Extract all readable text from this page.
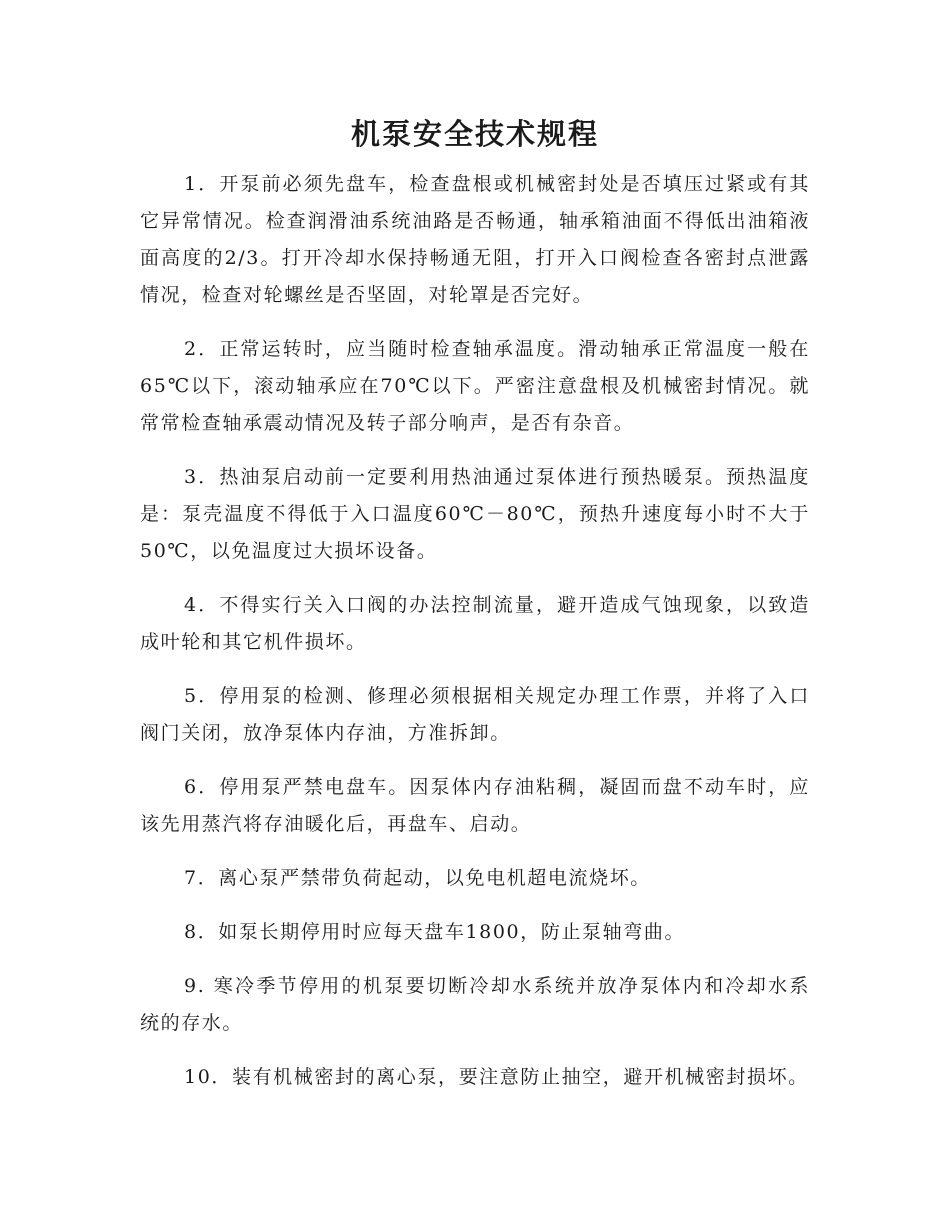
机泵安全技术规程

1．开泵前必须先盘车，检查盘根或机械密封处是否填压过紧或有其它异常情况。检查润滑油系统油路是否畅通，轴承箱油面不得低出油箱液面高度的2/3。打开冷却水保持畅通无阻，打开入口阀检查各密封点泄露情况，检查对轮螺丝是否坚固，对轮罩是否完好。

2．正常运转时，应当随时检查轴承温度。滑动轴承正常温度一般在65℃以下，滚动轴承应在70℃以下。严密注意盘根及机械密封情况。就常常检查轴承震动情况及转子部分响声，是否有杂音。

3．热油泵启动前一定要利用热油通过泵体进行预热暖泵。预热温度是：泵壳温度不得低于入口温度60℃－80℃，预热升速度每小时不大于50℃，以免温度过大损坏设备。

4．不得实行关入口阀的办法控制流量，避开造成气蚀现象，以致造成叶轮和其它机件损坏。

5．停用泵的检测、修理必须根据相关规定办理工作票，并将了入口阀门关闭，放净泵体内存油，方准拆卸。

6．停用泵严禁电盘车。因泵体内存油粘稠，凝固而盘不动车时，应该先用蒸汽将存油暖化后，再盘车、启动。

7．离心泵严禁带负荷起动，以免电机超电流烧坏。

8．如泵长期停用时应每天盘车1800，防止泵轴弯曲。

9. 寒冷季节停用的机泵要切断冷却水系统并放净泵体内和冷却水系统的存水。

10．装有机械密封的离心泵，要注意防止抽空，避开机械密封损坏。
